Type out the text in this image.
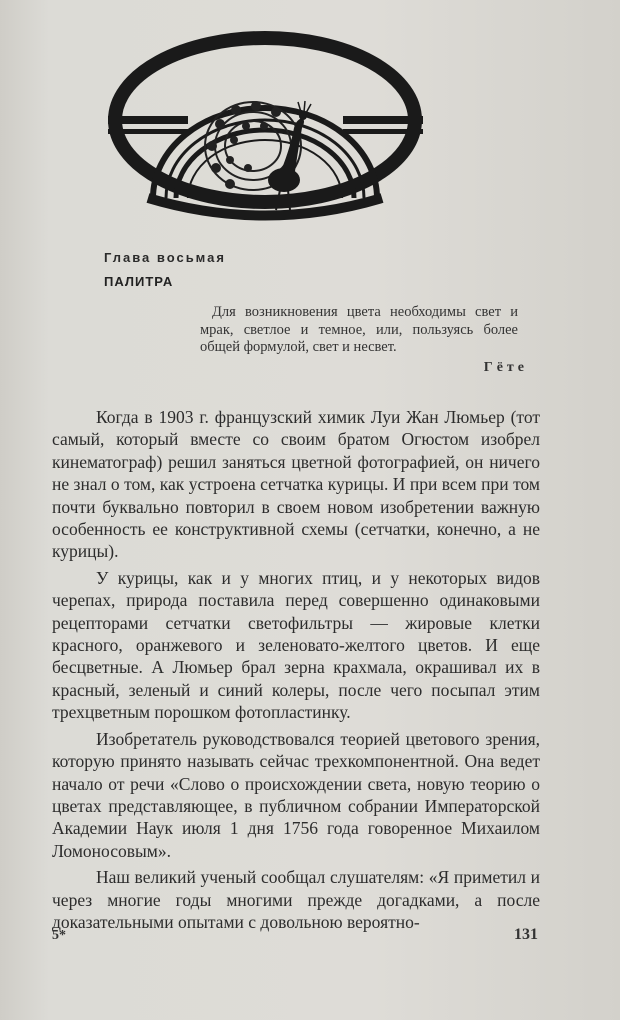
Глава восьмая
ПАЛИТРА

Для возникновения цвета необходимы свет и мрак, светлое и темное, или, пользуясь более общей формулой, свет и несвет.

Гёте

Когда в 1903 г. французский химик Луи Жан Люмьер (тот самый, который вместе со своим братом Огюстом изобрел кинематограф) решил заняться цветной фотографией, он ничего не знал о том, как устроена сетчатка курицы. И при всем при том почти буквально повторил в своем новом изобретении важную особенность ее конструктивной схемы (сетчатки, конечно, а не курицы).

У курицы, как и у многих птиц, и у некоторых видов черепах, природа поставила перед совершенно одинаковыми рецепторами сетчатки светофильтры — жировые клетки красного, оранжевого и зеленовато-желтого цветов. И еще бесцветные. А Люмьер брал зерна крахмала, окрашивал их в красный, зеленый и синий колеры, после чего посыпал этим трехцветным порошком фотопластинку.

Изобретатель руководствовался теорией цветового зрения, которую принято называть сейчас трехкомпонентной. Она ведет начало от речи «Слово о происхождении света, новую теорию о цветах представляющее, в публичном собрании Императорской Академии Наук июля 1 дня 1756 года говоренное Михаилом Ломоносовым».

Наш великий ученый сообщал слушателям: «Я приметил и через многие годы многими прежде догадками, а после доказательными опытами с довольною вероятно-

5*	131
